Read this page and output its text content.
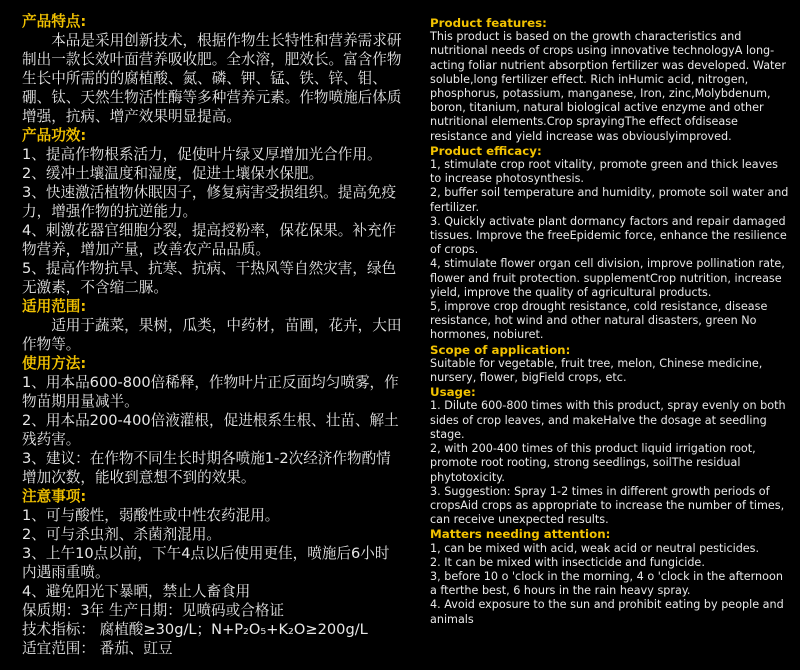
产品特点:

本品是采用创新技术，根据作物生长特性和营养需求研制出一款长效叶面营养吸收肥。全水溶，肥效长。富含作物生长中所需的的腐植酸、氮、磷、钾、锰、铁、锌、钼、硼、钛、天然生物活性酶等多种营养元素。作物喷施后体质增强，抗病、增产效果明显提高。

产品功效:

1、提高作物根系活力，促使叶片绿叉厚增加光合作用。

2、缓冲土壤温度和湿度，促进土壤保水保肥。

3、快速激活植物休眠因子，修复病害受损组织。提高免疫力，增强作物的抗逆能力。

4、刺激花器官细胞分裂，提高授粉率，保花保果。补充作物营养，增加产量，改善农产品品质。

5、提高作物抗旱、抗寒、抗病、干热风等自然灾害，绿色无激素，不含缩二脲。

适用范围:

适用于蔬菜，果树，瓜类，中药材，苗圃，花卉，大田作物等。

使用方法:

1、用本品600-800倍稀释，作物叶片正反面均匀喷雾，作物苗期用量减半。

2、用本品200-400倍液灌根，促进根系生根、壮苗、解土残药害。

3、建议：在作物不同生长时期各喷施1-2次经济作物酌情增加次数，能收到意想不到的效果。

注意事项:

1、可与酸性，弱酸性或中性农药混用。

2、可与杀虫剂、杀菌剂混用。

3、上午10点以前，下午4点以后使用更佳，喷施后6小时内遇雨重喷。

4、避免阳光下暴晒，禁止人畜食用

保质期：3年 生产日期：见喷码或合格证

技术指标： 腐植酸≥30g/L；N+P₂O₅+K₂O≥200g/L

适宜范围： 番茄、豇豆

Product features:

This product is based on the growth characteristics and nutritional needs of crops using innovative technologyA long-acting foliar nutrient absorption fertilizer was developed. Water soluble,long fertilizer effect. Rich inHumic acid, nitrogen, phosphorus, potassium, manganese, Iron, zinc,Molybdenum, boron, titanium, natural biological active enzyme and other nutritional elements.Crop sprayingThe effect ofdisease resistance and yield increase was obviouslyimproved.

Product efficacy:

1, stimulate crop root vitality, promote green and thick leaves to increase photosynthesis.

2, buffer soil temperature and humidity, promote soil water and fertilizer.

3. Quickly activate plant dormancy factors and repair damaged tissues. Improve the freeEpidemic force, enhance the resilience of crops.

4, stimulate flower organ cell division, improve pollination rate, flower and fruit protection. supplementCrop nutrition, increase yield, improve the quality of agricultural products.

5, improve crop drought resistance, cold resistance, disease resistance, hot wind and other natural disasters, green No hormones, nobiuret.

Scope of application:

Suitable for vegetable, fruit tree, melon, Chinese medicine, nursery, flower, bigField crops, etc.

Usage:

1. Dilute 600-800 times with this product, spray evenly on both sides of crop leaves, and makeHalve the dosage at seedling stage.

2, with 200-400 times of this product liquid irrigation root, promote root rooting, strong seedlings, soilThe residual phytotoxicity.

3. Suggestion: Spray 1-2 times in different growth periods of cropsAid crops as appropriate to increase the number of times, can receive unexpected results.

Matters needing attention:

1, can be mixed with acid, weak acid or neutral pesticides.

2. It can be mixed with insecticide and fungicide.

3, before 10 o 'clock in the morning, 4 o 'clock in the afternoon a fterthe best, 6 hours in the rain heavy spray.

4. Avoid exposure to the sun and prohibit eating by people and animals
